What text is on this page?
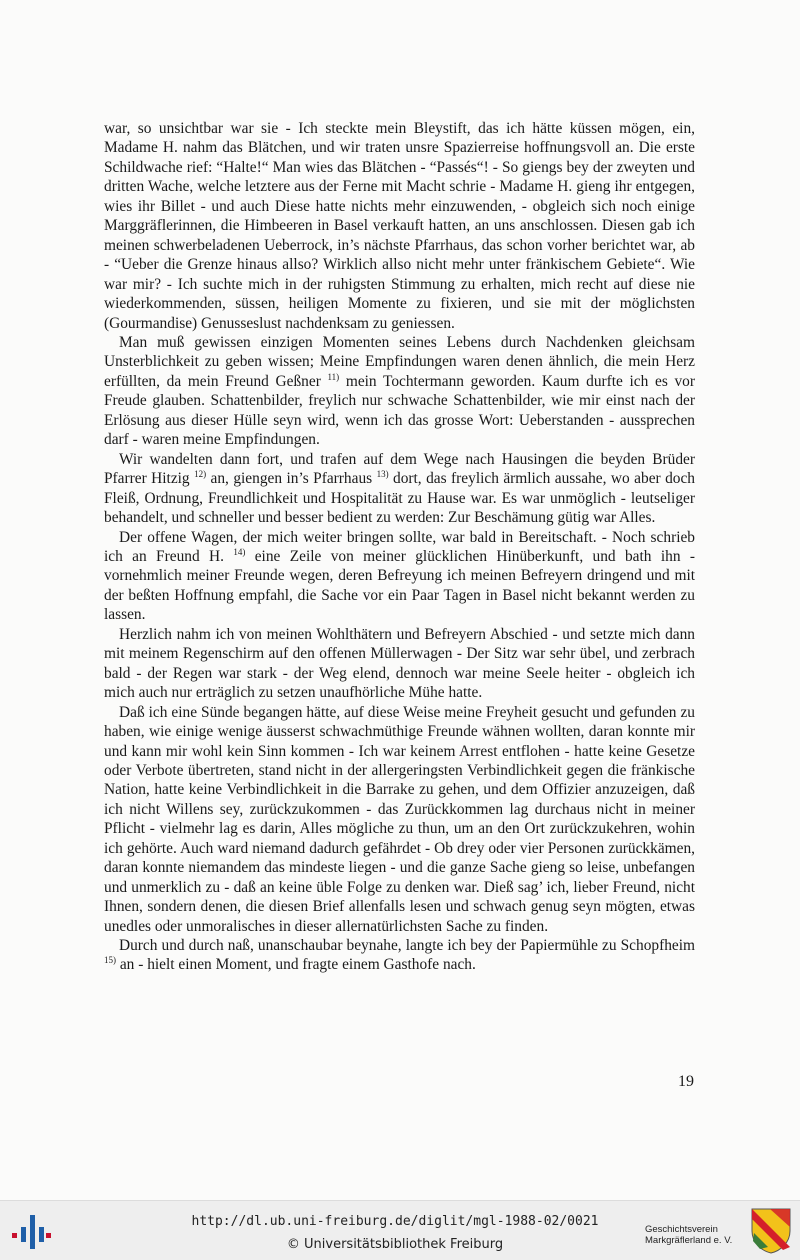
war, so unsichtbar war sie - Ich steckte mein Bleystift, das ich hätte küssen mögen, ein, Madame H. nahm das Blätchen, und wir traten unsre Spazierreise hoffnungsvoll an. Die erste Schildwache rief: “Halte!“ Man wies das Blätchen - “Passés“! - So giengs bey der zweyten und dritten Wache, welche letztere aus der Ferne mit Macht schrie - Madame H. gieng ihr entgegen, wies ihr Billet - und auch Diese hatte nichts mehr einzuwenden, - obgleich sich noch einige Marggräflerinnen, die Himbeeren in Basel verkauft hatten, an uns anschlossen. Diesen gab ich meinen schwerbeladenen Ueberrock, in’s nächste Pfarrhaus, das schon vorher berichtet war, ab - “Ueber die Grenze hinaus allso? Wirklich allso nicht mehr unter fränkischem Gebiete“. Wie war mir? - Ich suchte mich in der ruhigsten Stimmung zu erhalten, mich recht auf diese nie wiederkommenden, süssen, heiligen Momente zu fixieren, und sie mit der möglichsten (Gourmandise) Genusseslust nachdenksam zu geniessen.

Man muß gewissen einzigen Momenten seines Lebens durch Nachdenken gleichsam Unsterblichkeit zu geben wissen; Meine Empfindungen waren denen ähnlich, die mein Herz erfüllten, da mein Freund Geßner $^{11)}$ mein Tochtermann geworden. Kaum durfte ich es vor Freude glauben. Schattenbilder, freylich nur schwache Schattenbilder, wie mir einst nach der Erlösung aus dieser Hülle seyn wird, wenn ich das grosse Wort: Ueberstanden - aussprechen darf - waren meine Empfindungen.

Wir wandelten dann fort, und trafen auf dem Wege nach Hausingen die beyden Brüder Pfarrer Hitzig $^{12)}$ an, giengen in’s Pfarrhaus $^{13)}$ dort, das freylich ärmlich aussahe, wo aber doch Fleiß, Ordnung, Freundlichkeit und Hospitalität zu Hause war. Es war unmöglich - leutseliger behandelt, und schneller und besser bedient zu werden: Zur Beschämung gütig war Alles.

Der offene Wagen, der mich weiter bringen sollte, war bald in Bereitschaft. - Noch schrieb ich an Freund H. $^{14)}$ eine Zeile von meiner glücklichen Hinüberkunft, und bath ihn - vornehmlich meiner Freunde wegen, deren Befreyung ich meinen Befreyern dringend und mit der beßten Hoffnung empfahl, die Sache vor ein Paar Tagen in Basel nicht bekannt werden zu lassen.

Herzlich nahm ich von meinen Wohlthätern und Befreyern Abschied - und setzte mich dann mit meinem Regenschirm auf den offenen Müllerwagen - Der Sitz war sehr übel, und zerbrach bald - der Regen war stark - der Weg elend, dennoch war meine Seele heiter - obgleich ich mich auch nur erträglich zu setzen unaufhörliche Mühe hatte.

Daß ich eine Sünde begangen hätte, auf diese Weise meine Freyheit gesucht und gefunden zu haben, wie einige wenige äusserst schwachmüthige Freunde wähnen wollten, daran konnte mir und kann mir wohl kein Sinn kommen - Ich war keinem Arrest entflohen - hatte keine Gesetze oder Verbote übertreten, stand nicht in der allergeringsten Verbindlichkeit gegen die fränkische Nation, hatte keine Verbindlichkeit in die Barrake zu gehen, und dem Offizier anzuzeigen, daß ich nicht Willens sey, zurückzukommen - das Zurückkommen lag durchaus nicht in meiner Pflicht - vielmehr lag es darin, Alles mögliche zu thun, um an den Ort zurückzukehren, wohin ich gehörte. Auch ward niemand dadurch gefährdet - Ob drey oder vier Personen zurückkämen, daran konnte niemandem das mindeste liegen - und die ganze Sache gieng so leise, unbefangen und unmerklich zu - daß an keine üble Folge zu denken war. Dieß sag’ ich, lieber Freund, nicht Ihnen, sondern denen, die diesen Brief allenfalls lesen und schwach genug seyn mögten, etwas unedles oder unmoralisches in dieser allernatürlichsten Sache zu finden.

Durch und durch naß, unanschaubar beynahe, langte ich bey der Papiermühle zu Schopfheim $^{15)}$ an - hielt einen Moment, und fragte einem Gasthofe nach.

19
http://dl.ub.uni-freiburg.de/diglit/mgl-1988-02/0021
© Universitätsbibliothek Freiburg
Geschichtsverein
Markgräflerland e. V.
